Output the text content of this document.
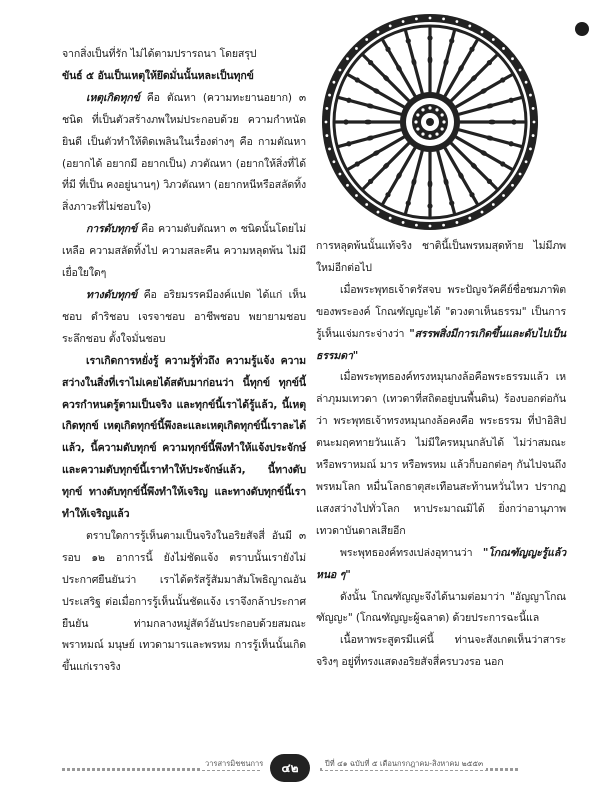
จากสิ่งเป็นที่รัก ไม่ได้ตามปรารถนา โดยสรุป

ขันธ์ ๕ อันเป็นเหตุให้ยึดมั่นนั้นหละเป็นทุกข์

เหตุเกิดทุกข์ คือ ตัณหา (ความทะยานอยาก) ๓ ชนิด ที่เป็นตัวสร้างภพใหม่ประกอบด้วย ความกำหนัดยินดี เป็นตัวทำให้ติดเพลินในเรื่องต่างๆ คือ กามตัณหา (อยากได้ อยากมี อยากเป็น) ภวตัณหา (อยากให้สิ่งที่ได้ ที่มี ที่เป็น คงอยู่นานๆ) วิภวตัณหา (อยากหนีหรือสลัดทิ้งสิ่งภาวะที่ไม่ชอบใจ)

การดับทุกข์ คือ ความดับตัณหา ๓ ชนิดนั้นโดยไม่เหลือ ความสลัดทิ้งไป ความสละคืน ความหลุดพ้น ไม่มีเยื่อใยใดๆ

ทางดับทุกข์ คือ อริยมรรคมีองค์แปด ได้แก่ เห็นชอบ ดำริชอบ เจรจาชอบ อาชีพชอบ พยายามชอบ ระลึกชอบ ตั้งใจมั่นชอบ

เราเกิดการหยั่งรู้ ความรู้ทั่วถึง ความรู้แจ้ง ความสว่างในสิ่งที่เราไม่เคยได้สดับมาก่อนว่า นี้ทุกข์ ทุกข์นี้ควรกำหนดรู้ตามเป็นจริง และทุกข์นี้เราได้รู้แล้ว, นี้เหตุเกิดทุกข์ เหตุเกิดทุกข์นี้พึงละและเหตุเกิดทุกข์นี้เราละได้แล้ว, นี้ความดับทุกข์ ความทุกข์นี้พึงทำให้แจ้งประจักษ์ และความดับทุกข์นี้เราทำให้ประจักษ์แล้ว, นี้ทางดับทุกข์ ทางดับทุกข์นี้พึงทำให้เจริญ และทางดับทุกข์นี้เราทำให้เจริญแล้ว

ตราบใดการรู้เห็นตามเป็นจริงในอริยสัจสี่ อันมี ๓ รอบ ๑๒ อาการนี้ ยังไม่ชัดแจ้ง ตราบนั้นเรายังไม่ประกาศยืนยันว่า เราได้ตรัสรู้สัมมาสัมโพธิญาณอันประเสริฐ ต่อเมื่อการรู้เห็นนั้นชัดแจ้ง เราจึงกล้าประกาศยืนยัน ท่ามกลางหมู่สัตว์อันประกอบด้วยสมณะ พราหมณ์ มนุษย์ เทวดามารและพรหม การรู้เห็นนั้นเกิดขึ้นแก่เราจริง

การหลุดพ้นนั้นแท้จริง ชาตินี้เป็นพรหมสุดท้าย ไม่มีภพใหม่อีกต่อไป

เมื่อพระพุทธเจ้าตรัสจบ พระปัญจวัคคีย์ชื่อชมภาพิตของพระองค์ โกณฑัญญะได้ "ดวงตาเห็นธรรม" เป็นการรู้เห็นแจ่มกระจ่างว่า "สรรพสิ่งมีการเกิดขึ้นและดับไปเป็นธรรมดา"

เมื่อพระพุทธองค์ทรงหมุนกงล้อคือพระธรรมแล้ว เหล่าภุมมเทวดา (เทวดาที่สถิตอยู่บนพื้นดิน) ร้องบอกต่อกันว่า พระพุทธเจ้าทรงหมุนกงล้อคงคือ พระธรรม ที่ป่าอิสิปตนะมฤคทายวันแล้ว ไม่มีใครหมุนกลับได้ ไม่ว่าสมณะหรือพราหมณ์ มาร หรือพรหม แล้วก็บอกต่อๆ กันไปจนถึงพรหมโลก หมื่นโลกธาตุสะเทือนสะท้านหวั่นไหว ปรากฏแสงสว่างไปทั่วโลก หาประมาณมิได้ ยิ่งกว่าอานุภาพ เทวดาบันดาลเสียอีก

พระพุทธองค์ทรงเปล่งอุทานว่า "โกณฑัญญะรู้แล้วหนอ ๆ"

ดังนั้น โกณฑัญญะจึงได้นามต่อมาว่า "อัญญาโกณฑัญญะ" (โกณฑัญญะผู้ฉลาด) ด้วยประการฉะนี้แล

เนื้อหาพระสูตรมีเเค่นี้ ท่านจะสังเกตเห็นว่าสาระจริงๆ อยู่ที่ทรงแสดงอริยสัจสี่ครบวงรอ นอก

วารสารมิชชนการ	๔๒	ปีที่ ๔๑ ฉบับที่ ๕ เดือนกรกฎาคม-สิงหาคม ๒๕๕๓
